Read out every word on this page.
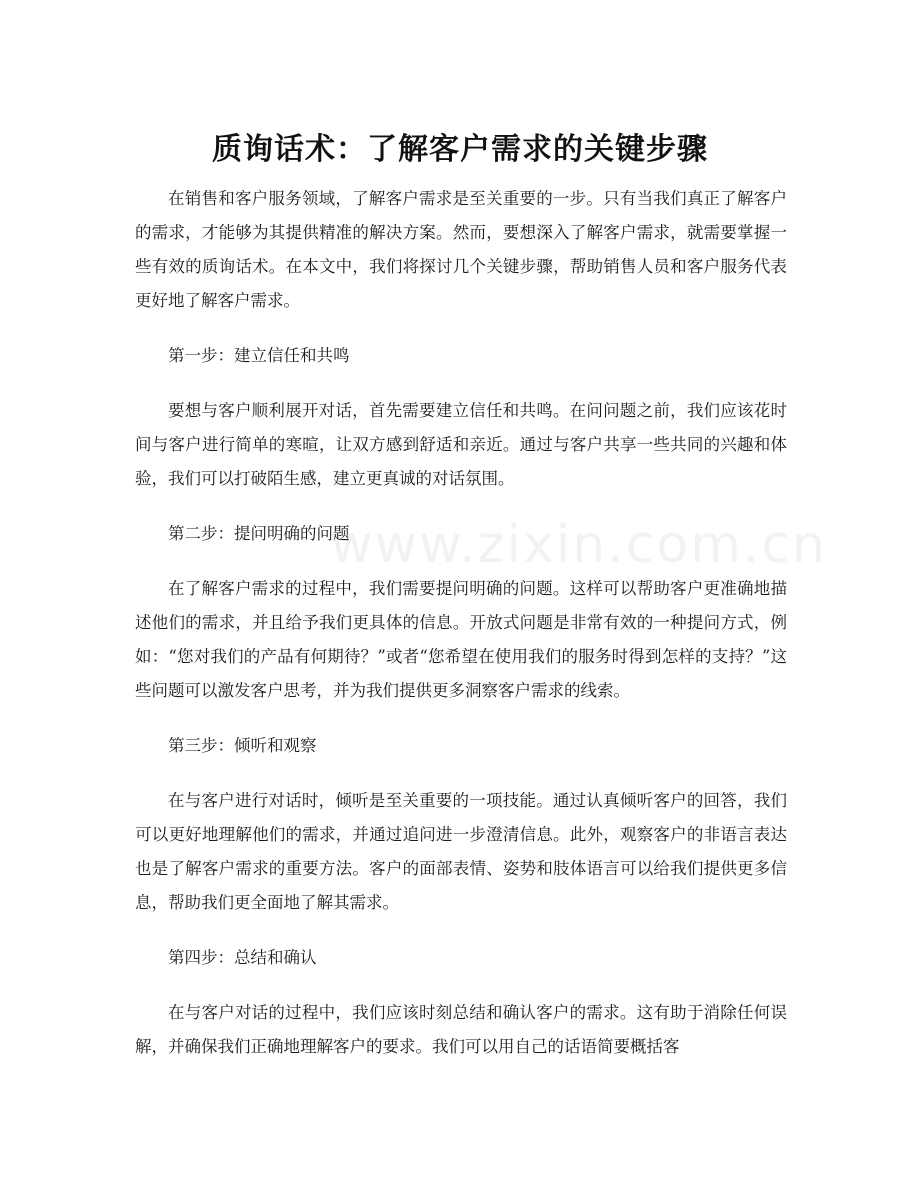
www.zixin.com.cn
质询话术：了解客户需求的关键步骤

在销售和客户服务领域，了解客户需求是至关重要的一步。只有当我们真正了解客户的需求，才能够为其提供精准的解决方案。然而，要想深入了解客户需求，就需要掌握一些有效的质询话术。在本文中，我们将探讨几个关键步骤，帮助销售人员和客户服务代表更好地了解客户需求。

第一步：建立信任和共鸣

要想与客户顺利展开对话，首先需要建立信任和共鸣。在问问题之前，我们应该花时间与客户进行简单的寒暄，让双方感到舒适和亲近。通过与客户共享一些共同的兴趣和体验，我们可以打破陌生感，建立更真诚的对话氛围。

第二步：提问明确的问题

在了解客户需求的过程中，我们需要提问明确的问题。这样可以帮助客户更准确地描述他们的需求，并且给予我们更具体的信息。开放式问题是非常有效的一种提问方式，例如：“您对我们的产品有何期待？”或者“您希望在使用我们的服务时得到怎样的支持？”这些问题可以激发客户思考，并为我们提供更多洞察客户需求的线索。

第三步：倾听和观察

在与客户进行对话时，倾听是至关重要的一项技能。通过认真倾听客户的回答，我们可以更好地理解他们的需求，并通过追问进一步澄清信息。此外，观察客户的非语言表达也是了解客户需求的重要方法。客户的面部表情、姿势和肢体语言可以给我们提供更多信息，帮助我们更全面地了解其需求。

第四步：总结和确认

在与客户对话的过程中，我们应该时刻总结和确认客户的需求。这有助于消除任何误解，并确保我们正确地理解客户的要求。我们可以用自己的话语简要概括客
